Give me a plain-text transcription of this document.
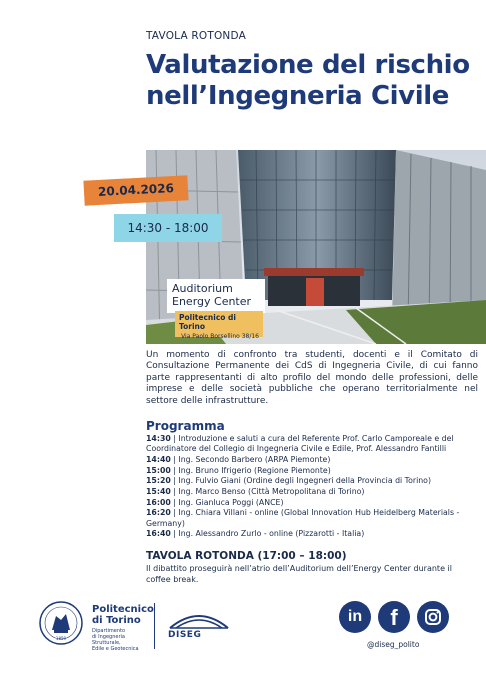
TAVOLA ROTONDA
Valutazione del rischio nell’Ingegneria Civile
20.04.2026
14:30 - 18:00
Auditorium
Energy Center
Politecnico di Torino
Via Paolo Borsellino 38/16
Un momento di confronto tra studenti, docenti e il Comitato di Consultazione Permanente dei CdS di Ingegneria Civile, di cui fanno parte rappresentanti di alto profilo del mondo delle professioni, delle imprese e delle società pubbliche che operano territorialmente nel settore delle infrastrutture.
Programma
14:30 | Introduzione e saluti a cura del Referente Prof. Carlo Camporeale e del Coordinatore del Collegio di Ingegneria Civile e Edile, Prof. Alessandro Fantilli
14:40 | Ing. Secondo Barbero (ARPA Piemonte)
15:00 | Ing. Bruno Ifrigerio (Regione Piemonte)
15:20 | Ing. Fulvio Giani (Ordine degli Ingegneri della Provincia di Torino)
15:40 | Ing. Marco Benso (Città Metropolitana di Torino)
16:00 | Ing. Gianluca Poggi (ANCE)
16:20 | Ing. Chiara Villani - online (Global Innovation Hub Heidelberg Materials - Germany)
16:40 | Ing. Alessandro Zurlo - online (Pizzarotti - Italia)
TAVOLA ROTONDA (17:00 – 18:00)
Il dibattito proseguirà nell’atrio dell’Auditorium dell’Energy Center durante il coffee break.
1859
Politecnico
di Torino
Dipartimento
di Ingegneria Strutturale,
Edile e Geotecnica
DISEG
in	f
@diseg_polito
